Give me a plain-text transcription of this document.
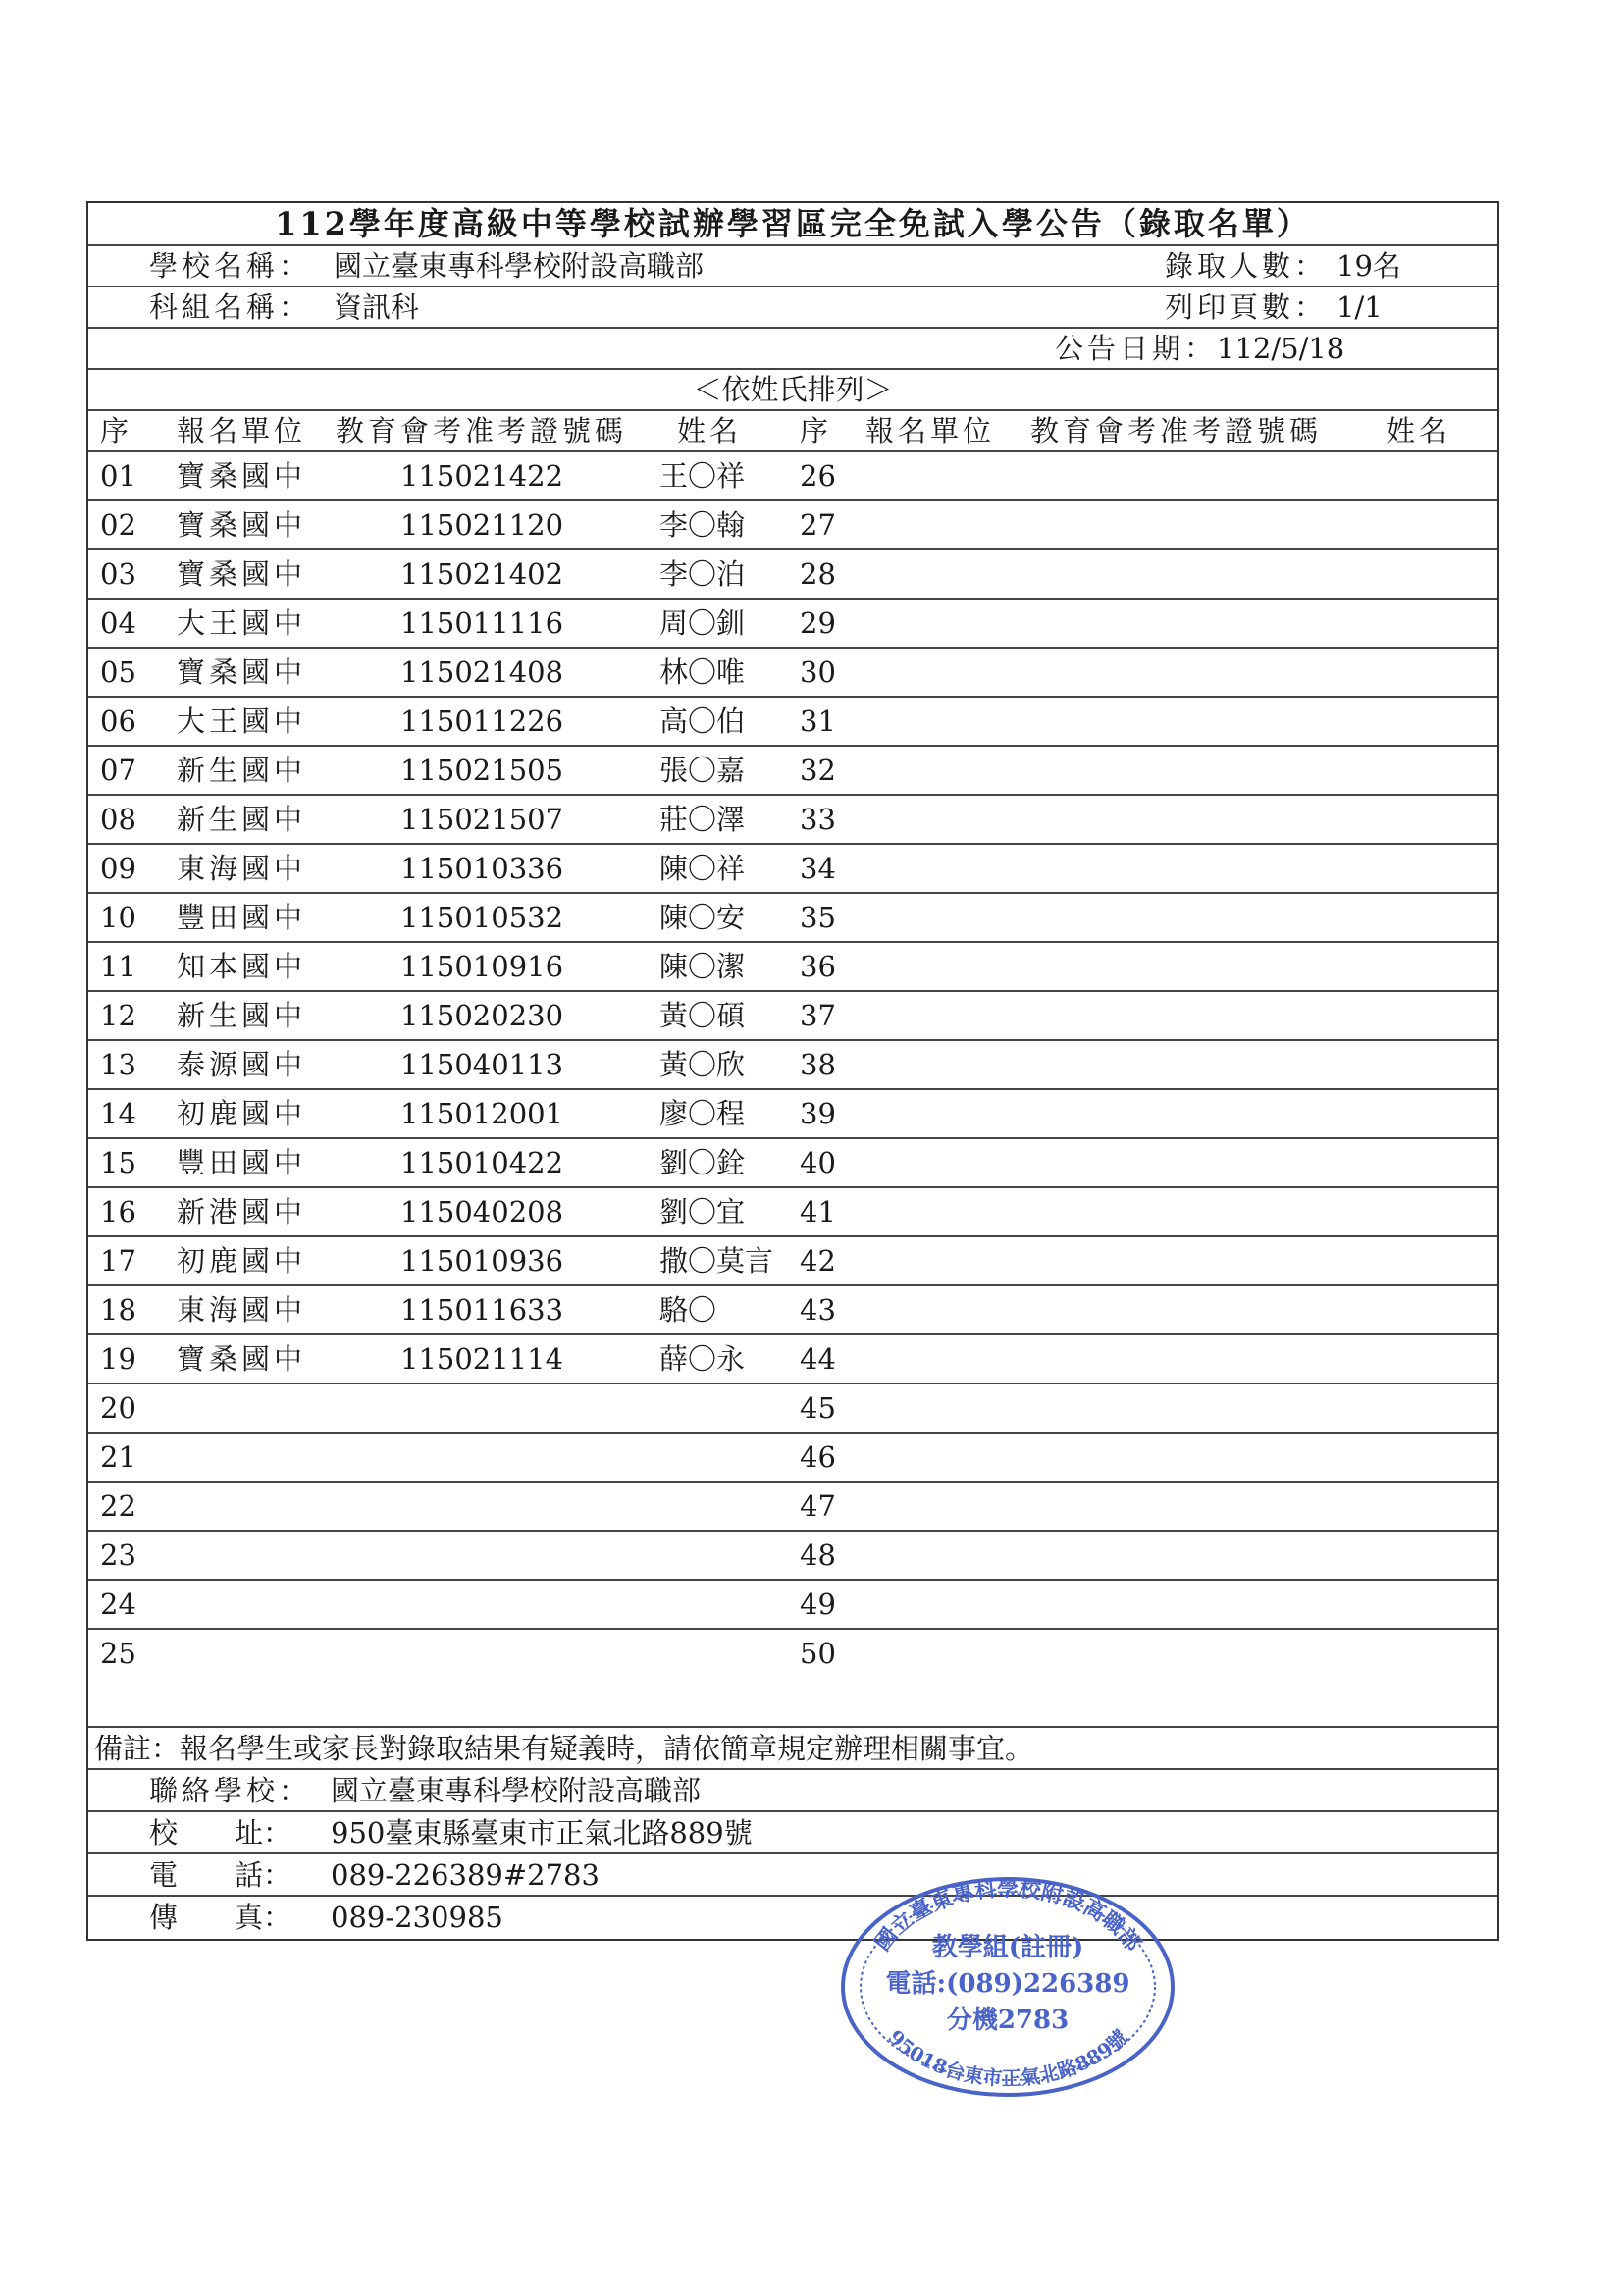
112學年度高級中等學校試辦學習區完全免試入學公告（錄取名單）
學校名稱： 國立臺東專科學校附設高職部	錄取人數： 19名
科組名稱： 資訊科	列印頁數： 1/1
公告日期： 112/5/18
＜依姓氏排列＞
序 報名單位 教育會考准考證號碼 姓名 序 報名單位 教育會考准考證號碼 姓名
01 寶桑國中	115021422	王〇祥 26
02 寶桑國中	115021120	李〇翰 27
03 寶桑國中	115021402	李〇泊 28
04 大王國中	115011116	周〇釧 29
05 寶桑國中	115021408	林〇唯 30
06 大王國中	115011226	高〇伯 31
07 新生國中	115021505	張〇嘉 32
08 新生國中	115021507	莊〇澤 33
09 東海國中	115010336	陳〇祥 34
10 豐田國中	115010532	陳〇安 35
11 知本國中	115010916	陳〇潔 36
12 新生國中	115020230	黃〇碩 37
13 泰源國中	115040113	黃〇欣 38
14 初鹿國中	115012001	廖〇程 39
15 豐田國中	115010422	劉〇銓 40
16 新港國中	115040208	劉〇宜 41
17 初鹿國中	115010936	撒〇莫言 42
18 東海國中	115011633	駱〇	43
19 寶桑國中	115021114	薛〇永 44
20	45
21	46
22	47
23	48
24	49
25	50
備註：報名學生或家長對錄取結果有疑義時，請依簡章規定辦理相關事宜。
聯絡學校： 國立臺東專科學校附設高職部
校　　址： 950臺東縣臺東市正氣北路889號
電　　話： 089-226389#2783
傳　　真： 089-230985
國立臺東專科學校附設高職部
95018台東市正氣北路889號
教學組(註冊)
電話:(089)226389
分機2783
